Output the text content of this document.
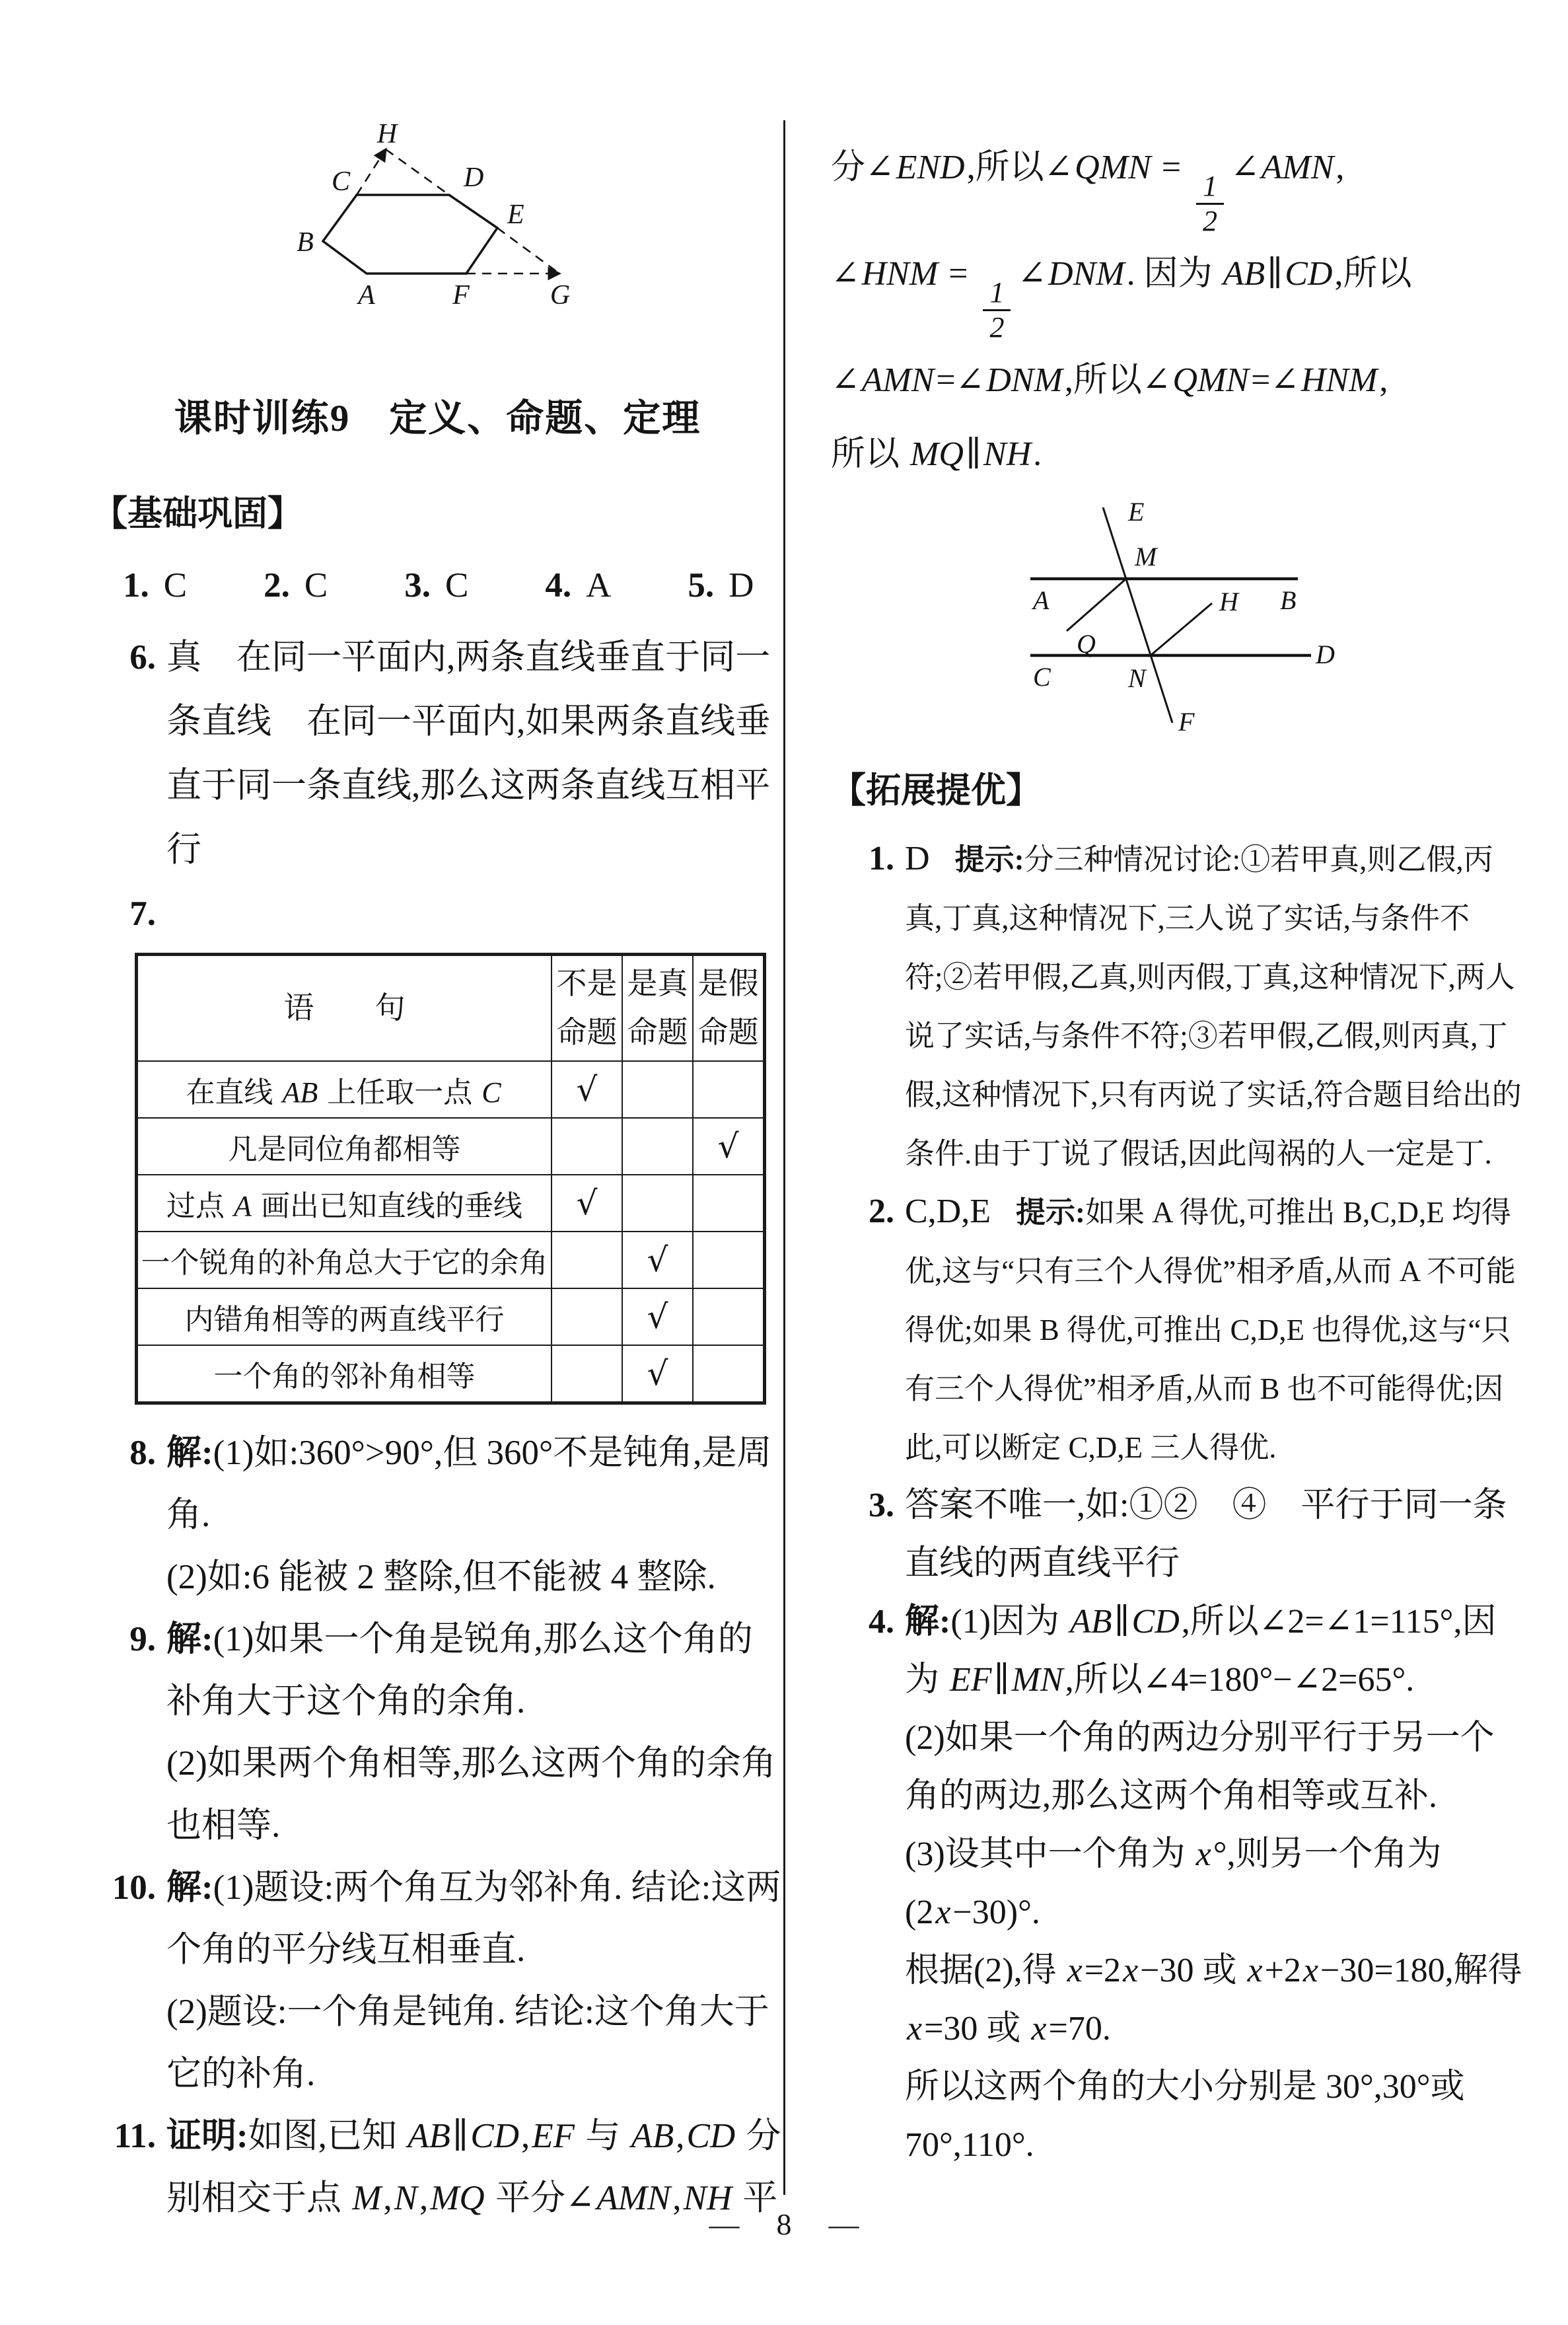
H
C	D
E
B
A	F	G
课时训练9　定义、命题、定理
【基础巩固】
1. C	2. C	3. C	4. A	5. D
6. 真　在同一平面内,两条直线垂直于同一条直线　在同一平面内,如果两条直线垂直于同一条直线,那么这两条直线互相平行
7.

语　　句	不是命题	是真命题	是假命题
在直线 AB 上任取一点 C	√		
凡是同位角都相等			√
过点 A 画出已知直线的垂线	√		
一个锐角的补角总大于它的余角		√	
内错角相等的两直线平行		√	
一个角的邻补角相等		√	
8. 解:(1)如:360°>90°,但 360°不是钝角,是周角.
(2)如:6 能被 2 整除,但不能被 4 整除.
9. 解:(1)如果一个角是锐角,那么这个角的补角大于这个角的余角.
(2)如果两个角相等,那么这两个角的余角也相等.
10. 解:(1)题设:两个角互为邻补角. 结论:这两个角的平分线互相垂直.
(2)题设:一个角是钝角. 结论:这个角大于它的补角.
11. 证明:如图,已知 AB∥CD,EF 与 AB,CD 分别相交于点 M,N,MQ 平分∠AMN,NH 平
分∠END,所以∠QMN =
$\frac{1}{2}$
∠AMN,
∠HNM =
$\frac{1}{2}$
∠DNM. 因为 AB∥CD,所以
∠AMN=∠DNM,所以∠QMN=∠HNM,
所以 MQ∥NH.
E
M
A	B
Q
H
C	N
D
F
【拓展提优】
1. D 提示:分三种情况讨论:①若甲真,则乙假,丙真,丁真,这种情况下,三人说了实话,与条件不符;②若甲假,乙真,则丙假,丁真,这种情况下,两人说了实话,与条件不符;③若甲假,乙假,则丙真,丁假,这种情况下,只有丙说了实话,符合题目给出的条件.由于丁说了假话,因此闯祸的人一定是丁.
2. C,D,E 提示:如果 A 得优,可推出 B,C,D,E 均得优,这与“只有三个人得优”相矛盾,从而 A 不可能得优;如果 B 得优,可推出 C,D,E 也得优,这与“只有三个人得优”相矛盾,从而 B 也不可能得优;因此,可以断定 C,D,E 三人得优.
3. 答案不唯一,如:①②　④　平行于同一条直线的两直线平行
4. 解:(1)因为 AB∥CD,所以∠2=∠1=115°,因为 EF∥MN,所以∠4=180°−∠2=65°.
(2)如果一个角的两边分别平行于另一个角的两边,那么这两个角相等或互补.
(3)设其中一个角为 x°,则另一个角为(2x−30)°.
根据(2),得 x=2x−30 或 x+2x−30=180,解得 x=30 或 x=70.
所以这两个角的大小分别是 30°,30°或 70°,110°.
— 8 —
